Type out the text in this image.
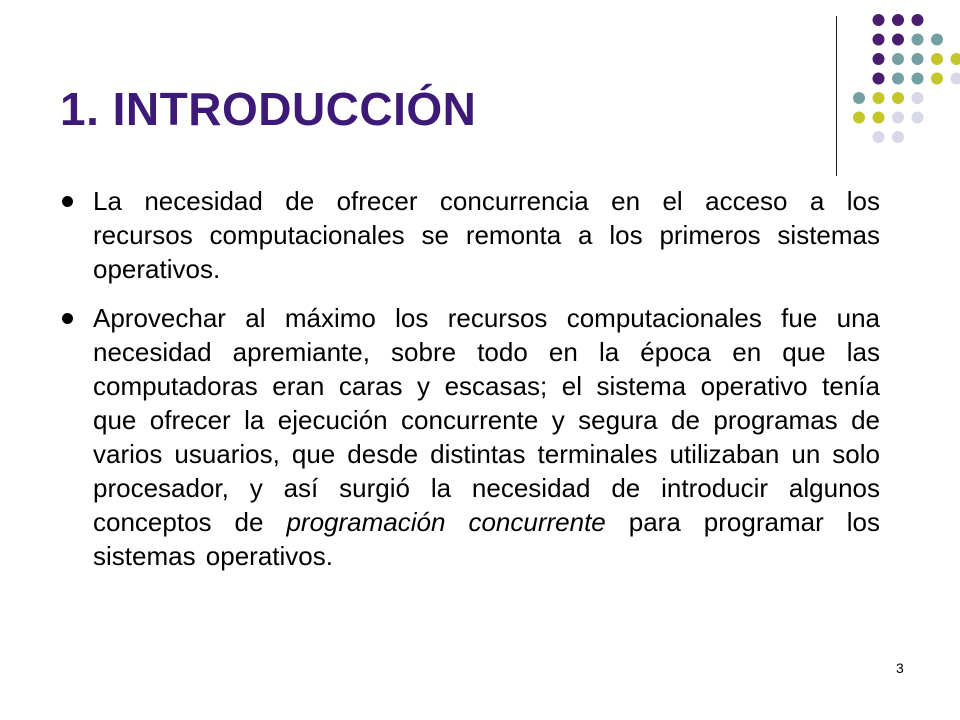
1. INTRODUCCIÓN
La necesidad de ofrecer concurrencia en el acceso a los recursos computacionales se remonta a los primeros sistemas operativos.
Aprovechar al máximo los recursos computacionales fue una necesidad apremiante, sobre todo en la época en que las computadoras eran caras y escasas; el sistema operativo tenía que ofrecer la ejecución concurrente y segura de programas de varios usuarios, que desde distintas terminales utilizaban un solo procesador, y así surgió la necesidad de introducir algunos conceptos de programación concurrente para programar los sistemas operativos.
3
